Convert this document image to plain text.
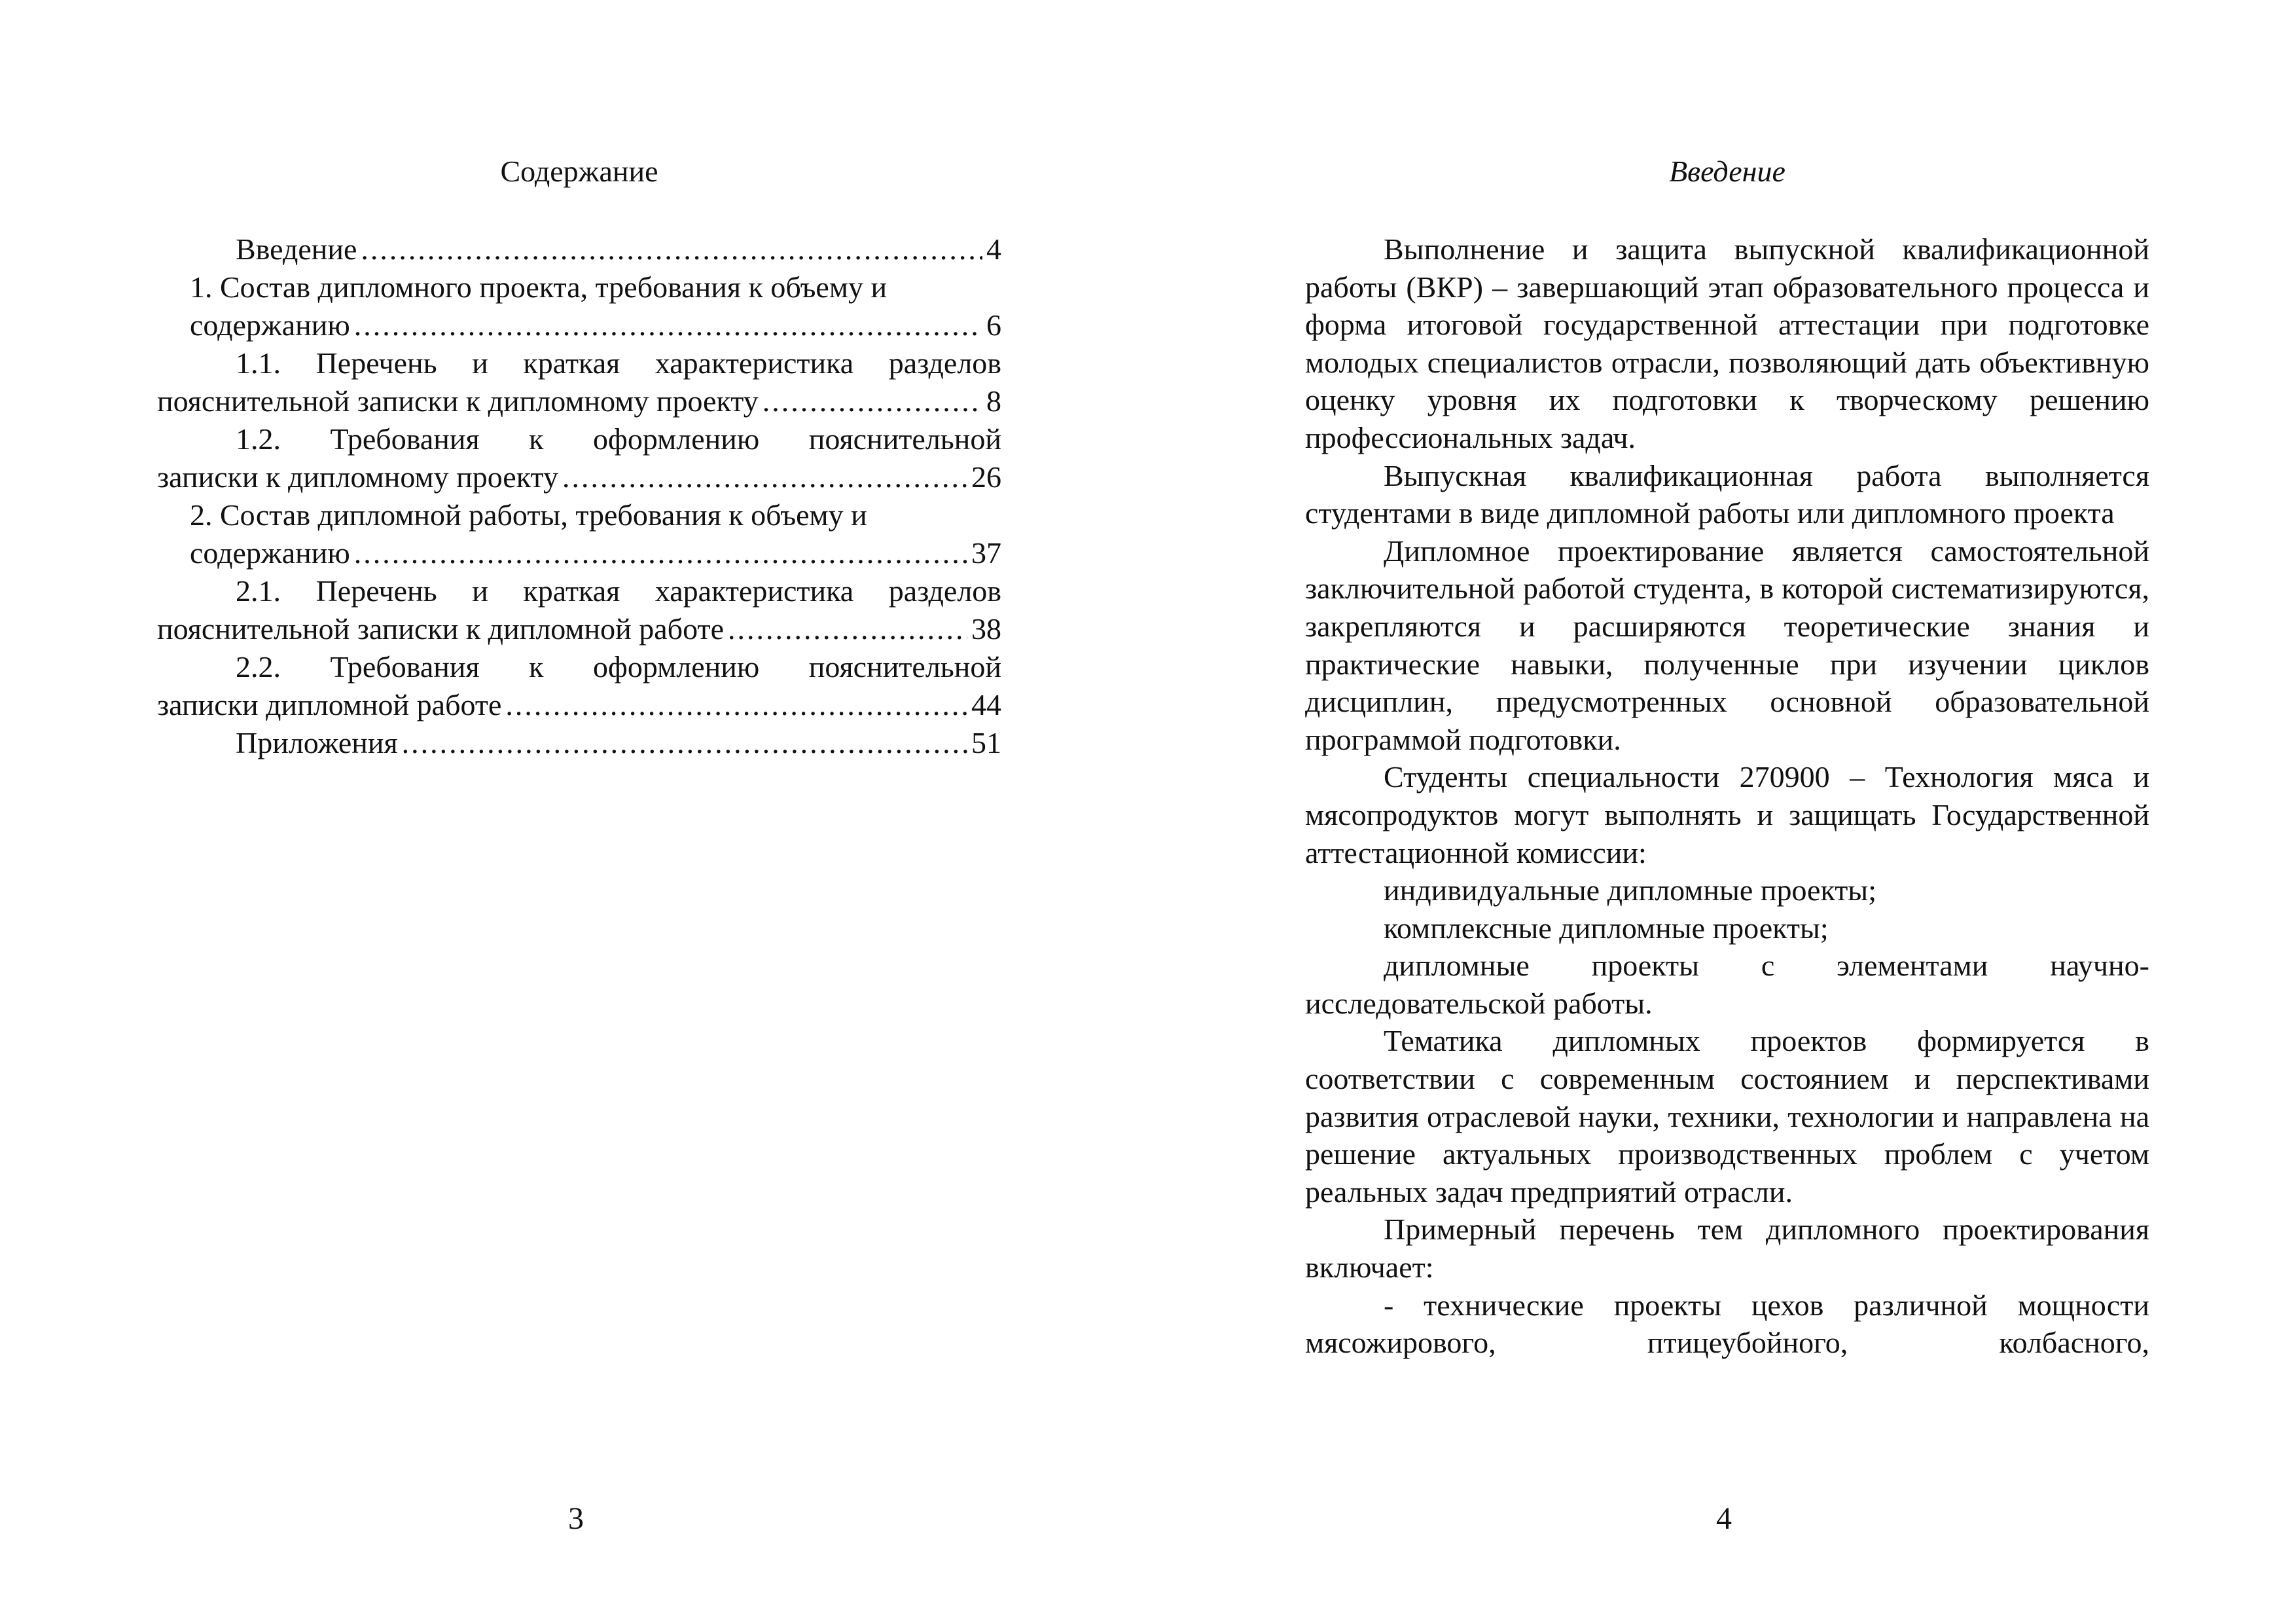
Содержание
Введение .....	4
1. Состав дипломного проекта, требования к объему и
содержанию .....	6
1.1. Перечень и краткая характеристика разделов
пояснительной записки к дипломному проекту .....	8
1.2. Требования к оформлению пояснительной
записки к дипломному проекту .....	26
2. Состав дипломной работы, требования к объему и
содержанию .....	37
2.1. Перечень и краткая характеристика разделов
пояснительной записки к дипломной работе .....	38
2.2. Требования к оформлению пояснительной
записки дипломной работе .....	44
Приложения .....	51
3
Введение

Выполнение и защита выпускной квалификационной работы (ВКР) – завершающий этап образовательного процесса и форма итоговой государственной аттестации при подготовке молодых специалистов отрасли, позволяющий дать объективную оценку уровня их подготовки к творческому решению профессиональных задач.

Выпускная квалификационная работа выполняется студентами в виде дипломной работы или дипломного проекта

Дипломное проектирование является самостоятельной заключительной работой студента, в которой систематизируются, закрепляются и расширяются теоретические знания и практические навыки, полученные при изучении циклов дисциплин, предусмотренных основной образовательной программой подготовки.

Студенты специальности 270900 – Технология мяса и мясопродуктов могут выполнять и защищать Государственной аттестационной комиссии:

индивидуальные дипломные проекты;

комплексные дипломные проекты;

дипломные проекты с элементами научно-исследовательской работы.

Тематика дипломных проектов формируется в соответствии с современным состоянием и перспективами развития отраслевой науки, техники, технологии и направлена на решение актуальных производственных проблем с учетом реальных задач предприятий отрасли.

Примерный перечень тем дипломного проектирования включает:

- технические проекты цехов различной мощности мясожирового, птицеубойного, колбасного,

4
